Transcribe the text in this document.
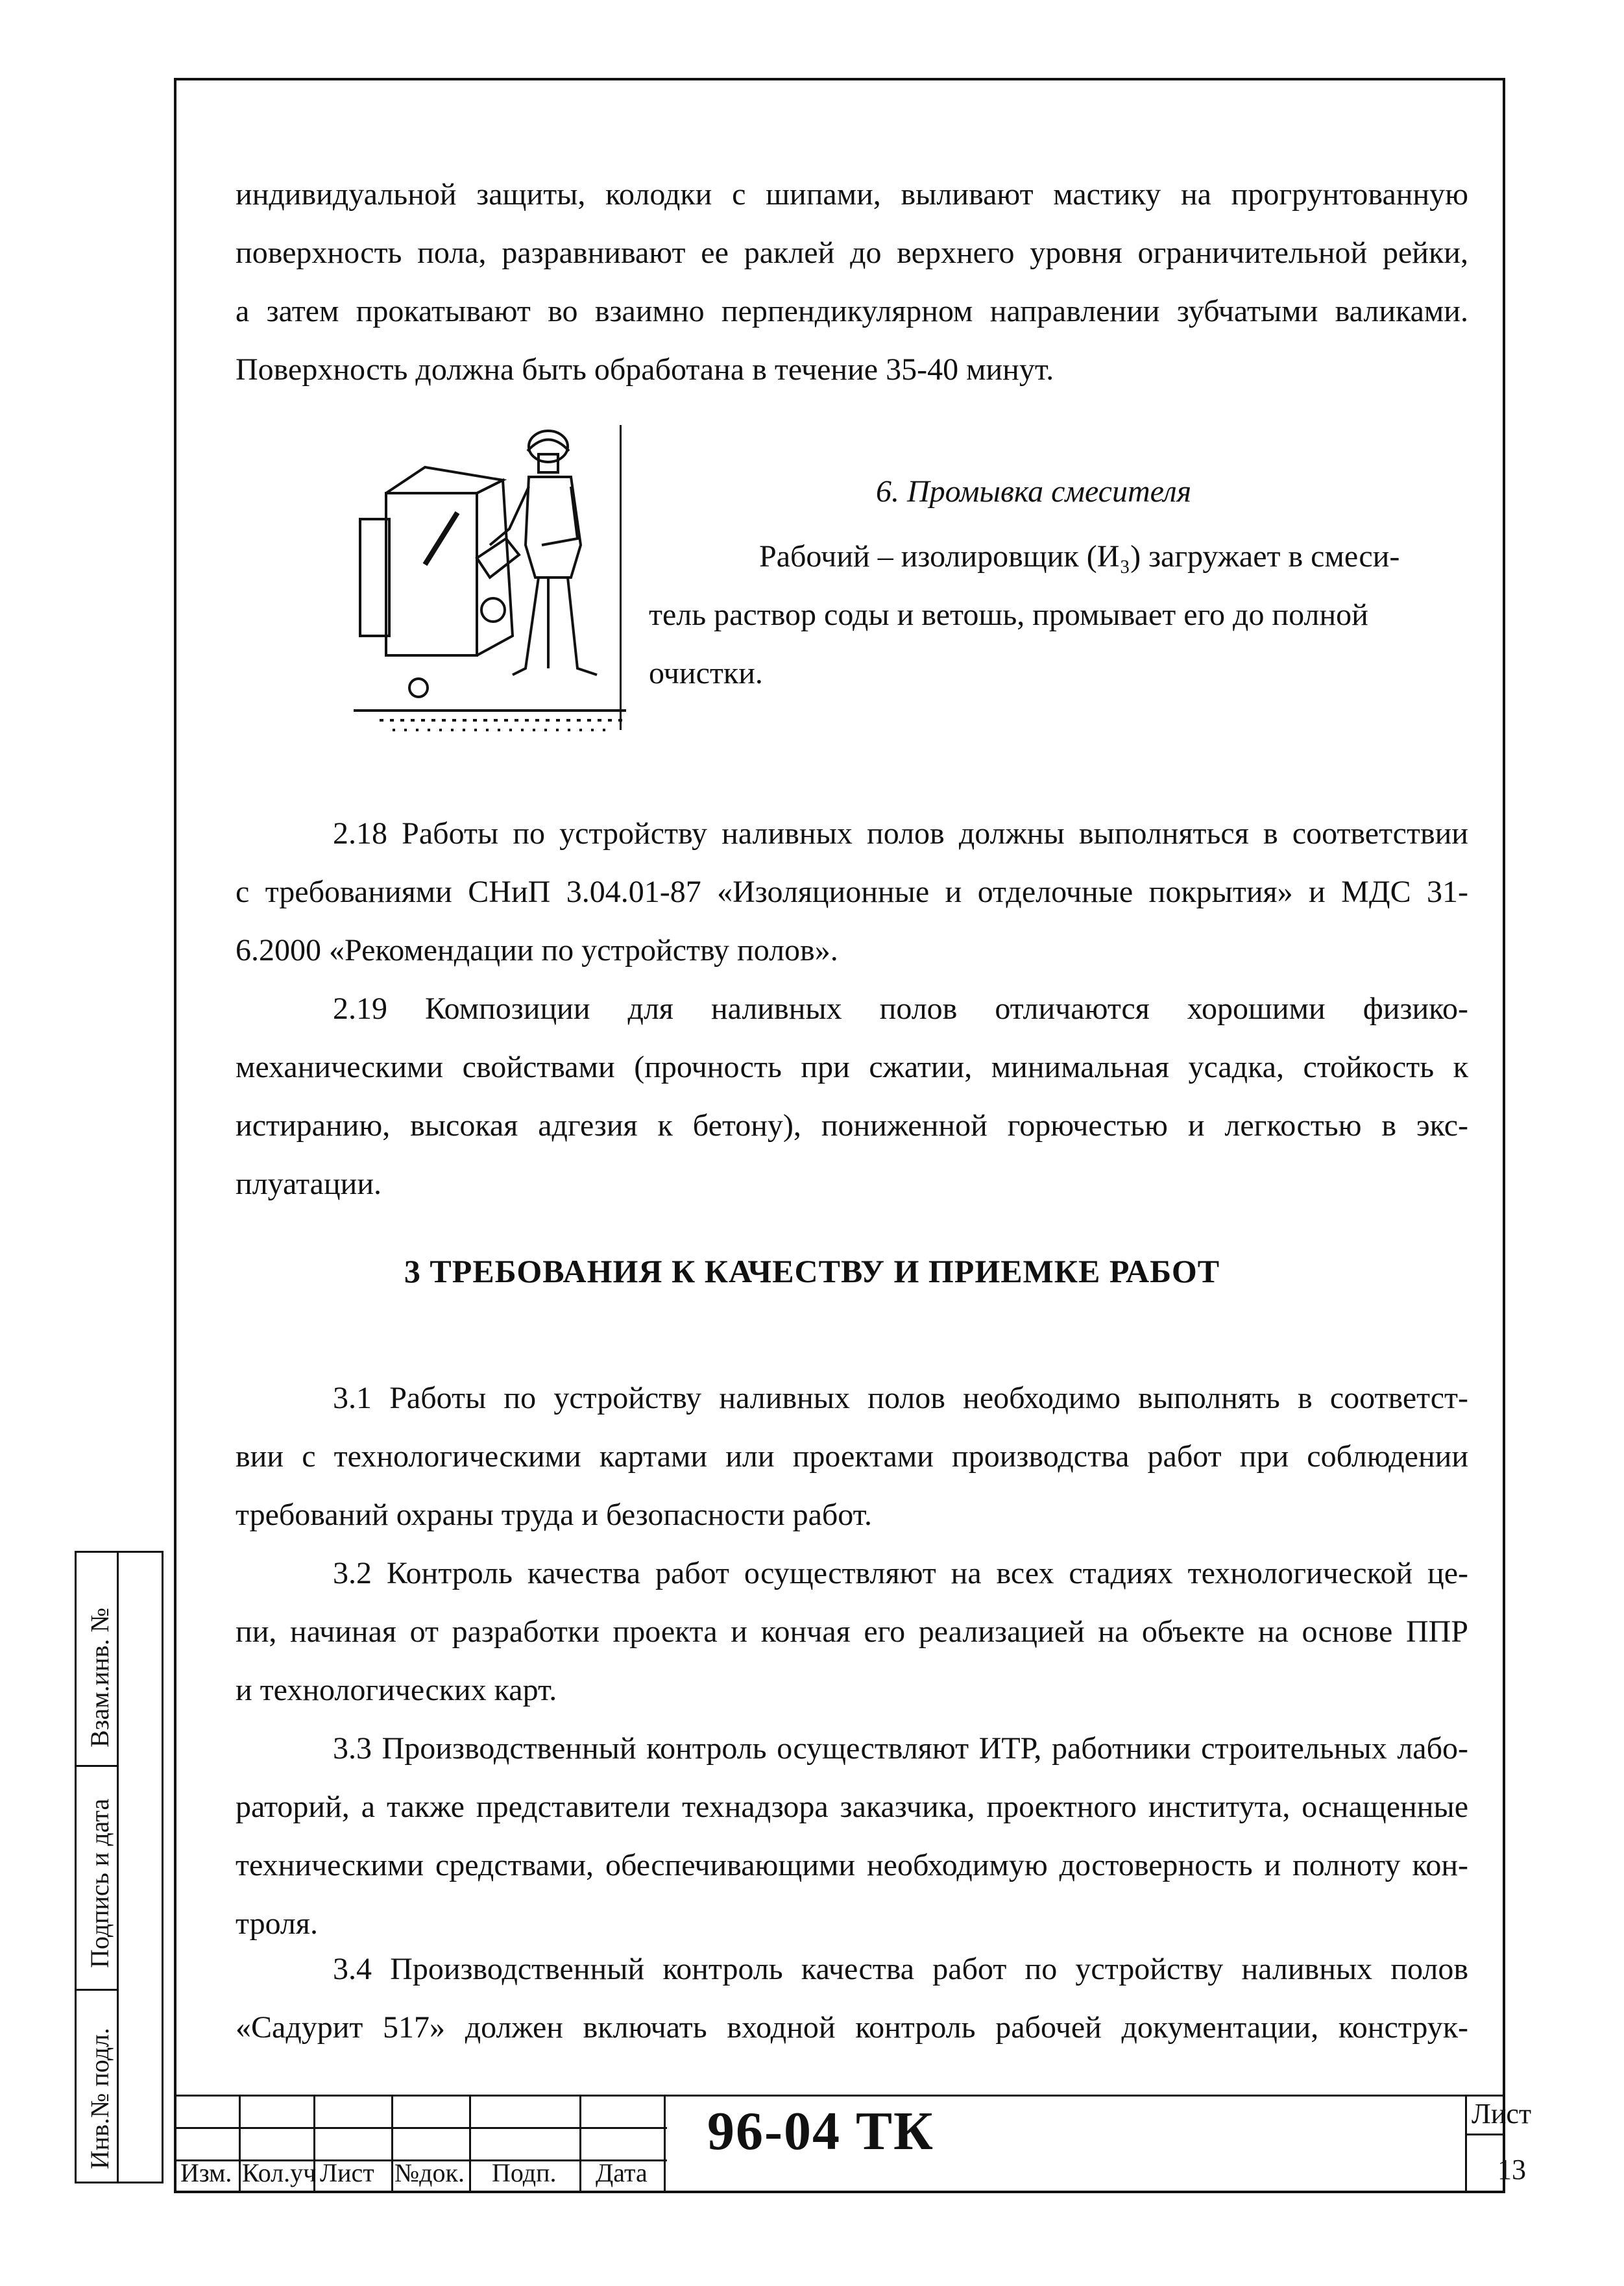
индивидуальной защиты, колодки с шипами, выливают мастику на прогрунтованную
поверхность пола, разравнивают ее раклей до верхнего уровня ограничительной рейки,
а затем прокатывают во взаимно перпендикулярном направлении зубчатыми валиками.
Поверхность должна быть обработана в течение 35-40 минут.
6. Промывка смесителя
Рабочий – изолировщик (И₃) загружает в смеси-
тель раствор соды и ветошь, промывает его до полной
очистки.
2.18 Работы по устройству наливных полов должны выполняться в соответствии
с требованиями СНиП 3.04.01-87 «Изоляционные и отделочные покрытия» и МДС 31-
6.2000 «Рекомендации по устройству полов».
2.19 Композиции для наливных полов отличаются хорошими физико-
механическими свойствами (прочность при сжатии, минимальная усадка, стойкость к
истиранию, высокая адгезия к бетону), пониженной горючестью и легкостью в экс-
плуатации.
3 ТРЕБОВАНИЯ К КАЧЕСТВУ И ПРИЕМКЕ РАБОТ
3.1 Работы по устройству наливных полов необходимо выполнять в соответст-
вии с технологическими картами или проектами производства работ при соблюдении
требований охраны труда и безопасности работ.
3.2 Контроль качества работ осуществляют на всех стадиях технологической це-
пи, начиная от разработки проекта и кончая его реализацией на объекте на основе ППР
и технологических карт.
3.3 Производственный контроль осуществляют ИТР, работники строительных лабо-
раторий, а также представители технадзора заказчика, проектного института, оснащенные
техническими средствами, обеспечивающими необходимую достоверность и полноту кон-
троля.
3.4 Производственный контроль качества работ по устройству наливных полов
«Садурит 517» должен включать входной контроль рабочей документации, конструк-
Взам.инв. №
Подпись и дата
Инв.№ подл.
Изм. Кол.уч Лист №док. Подп. Дата
96-04 ТК	Лист
13
